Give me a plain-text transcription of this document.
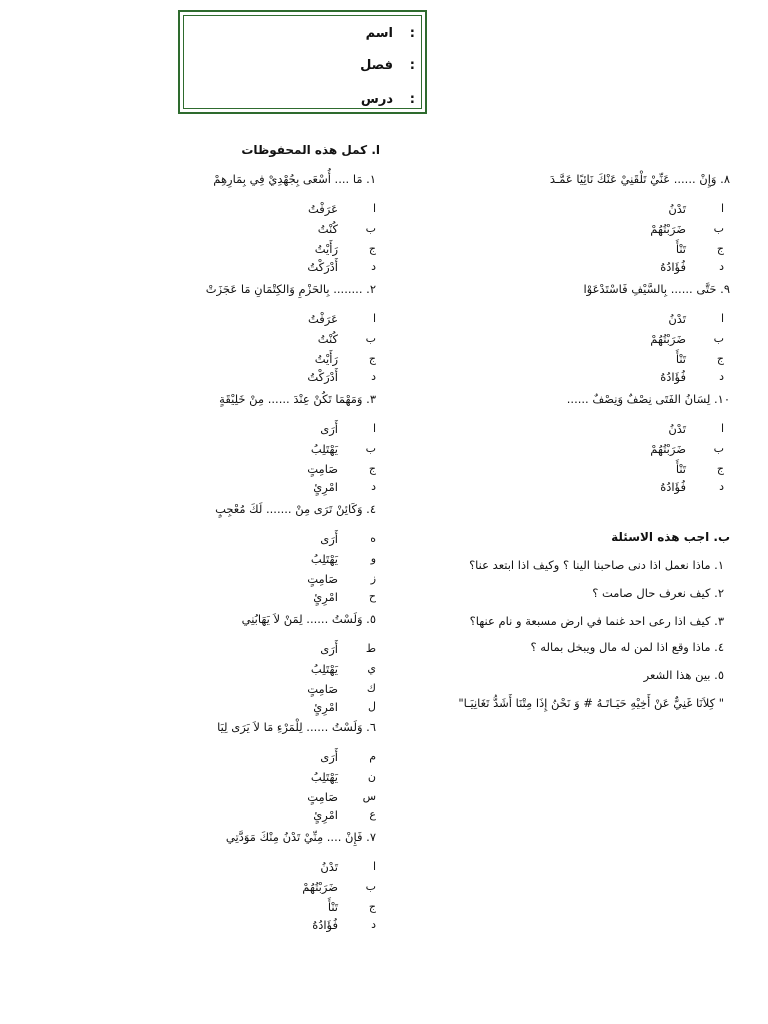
:
اسم
:
فصل
:
درس
ا. كمل هذه المحفوظات
١. مَا .... أُسْعَى بِجُهْدِيْ فِي بِمَارِهِمْ
ا
عَرَفْتُ
ب
كُنْتُ
ج
رَأَيْتُ
د
أَدْرَكْتُ
٢. ........ بِالحَزْمِ وَالكِتْمَانِ مَا عَجَزَتْ
ا
عَرَفْتُ
ب
كُنْتُ
ج
رَأَيْتُ
د
أَدْرَكْتُ
٣. وَمَهْمَا تَكُنْ عِنْدَ ...... مِنْ خَلِيْقَةٍ
ا
أَرَى
ب
يَهْتَلِبُ
ج
صَامِتٍ
د
امْرِئٍ
٤. وَكَائِنْ تَرَى مِنْ ....... لَكَ مُعْجِبٍ
ه
أَرَى
و
يَهْتَلِبُ
ز
صَامِتٍ
ح
امْرِئٍ
٥. وَلَسْتُ ...... لِمَنْ لاَ يَهَابُنِي
ط
أَرَى
ي
يَهْتَلِبُ
ك
صَامِتٍ
ل
امْرِئٍ
٦. وَلَسْتُ ...... لِلْمَرْءِ مَا لاَ يَرَى لِيَا
م
أَرَى
ن
يَهْتَلِبُ
س
صَامِتٍ
ع
امْرِئٍ
٧. فَإِنْ .... مِنِّيْ تَدْنُ مِنْكَ مَوَدَّتِي
ا
تَدْنُ
ب
ضَرَبْتُهُمْ
ج
تَنْأَ
د
فُؤَادُهُ
٨. وَإِنْ ...... عَنِّيْ تَلْقَنِيْ عَنْكَ نَائِيًا عَمَّـدَ
ا
تَدْنُ
ب
ضَرَبْتُهُمْ
ج
تَنْأَ
د
فُؤَادُهُ
٩. حَتَّى ...... بِالسَّيْفِ فَاسْتَدْعَوْا
ا
تَدْنُ
ب
ضَرَبْتُهُمْ
ج
تَنْأَ
د
فُؤَادُهُ
١٠. لِسَانُ الفَتَى نِصْفٌ وَنِصْفٌ ......
ا
تَدْنُ
ب
ضَرَبْتُهُمْ
ج
تَنْأَ
د
فُؤَادُهُ
ب. اجب هذه الاسئلة
١. ماذا نعمل اذا دنى صاحبنا الينا ؟ وكيف اذا ابتعد عنا؟
٢. كيف نعرف حال صامت ؟
٣. كيف اذا رعى احد غنما في ارض مسبعة و نام عنها؟
٤. ماذا وقع اذا لمن له مال ويبخل بماله ؟
٥. بين هذا الشعر
" كِلاَنَا غَنِيٌّ عَنْ أَخِيْهِ حَيَـاتَـهُ # وَ نَحْنُ إِذَا مِتْنَا أَشَدُّ تَغَانِيَـا"
